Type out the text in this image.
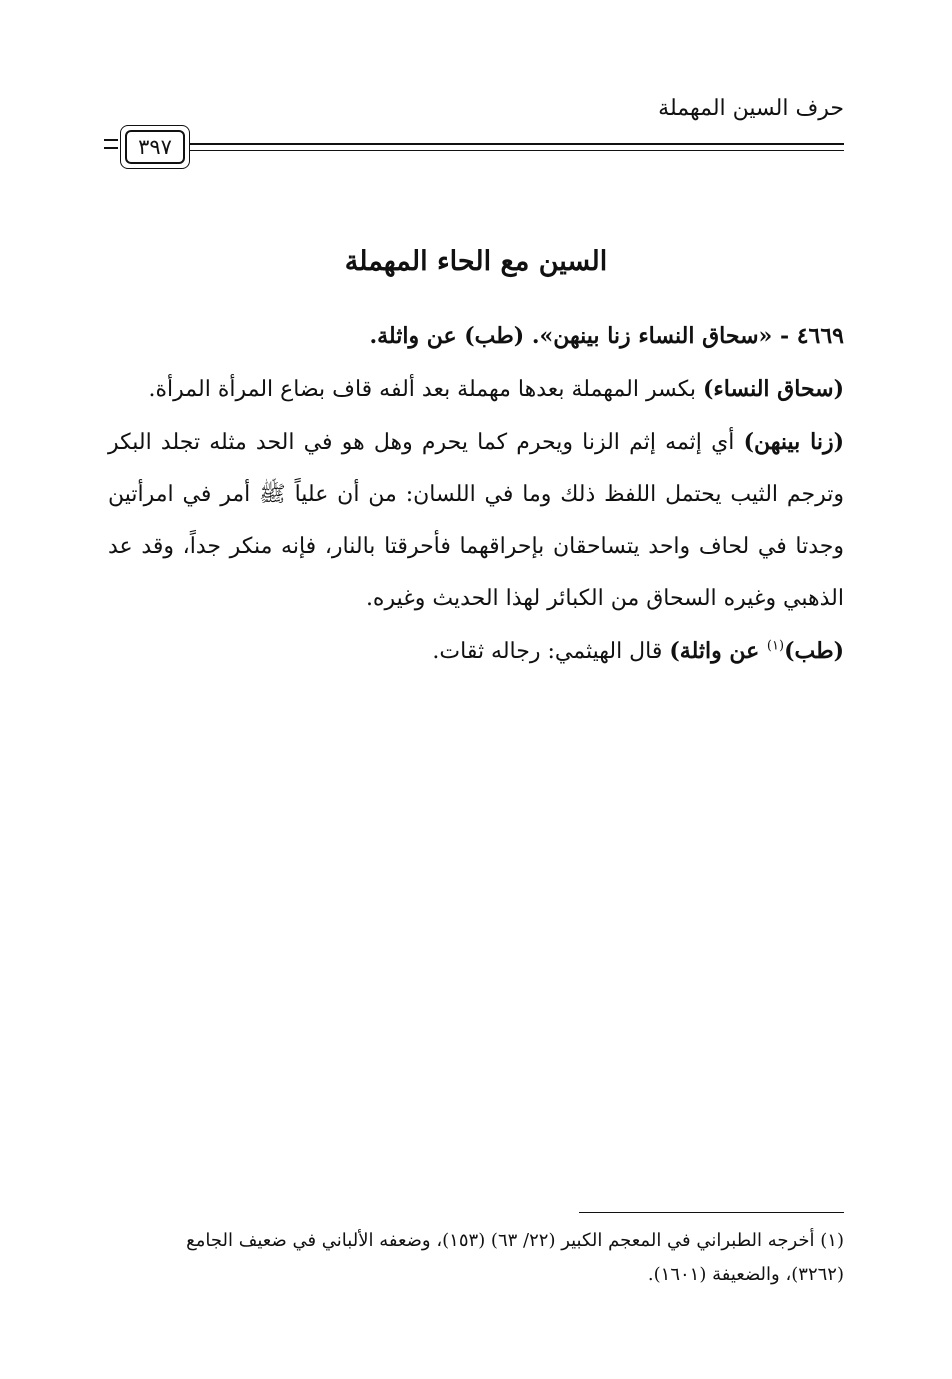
حرف السين المهملة
٣٩٧
السين مع الحاء المهملة

٤٦٦٩ - «سحاق النساء زنا بينهن». (طب) عن واثلة.

(سحاق النساء) بكسر المهملة بعدها مهملة بعد ألفه قاف بضاع المرأة المرأة.

(زنا بينهن) أي إثمه إثم الزنا ويحرم كما يحرم وهل هو في الحد مثله تجلد البكر وترجم الثيب يحتمل اللفظ ذلك وما في اللسان: من أن علياً ﷺ أمر في امرأتين وجدتا في لحاف واحد يتساحقان بإحراقهما فأحرقتا بالنار، فإنه منكر جداً، وقد عد الذهبي وغيره السحاق من الكبائر لهذا الحديث وغيره.

(طب)$^{(١)}$ عن واثلة) قال الهيثمي: رجاله ثقات.

(١) أخرجه الطبراني في المعجم الكبير (٢٢/ ٦٣) (١٥٣)، وضعفه الألباني في ضعيف الجامع

(٣٢٦٢)، والضعيفة (١٦٠١).
